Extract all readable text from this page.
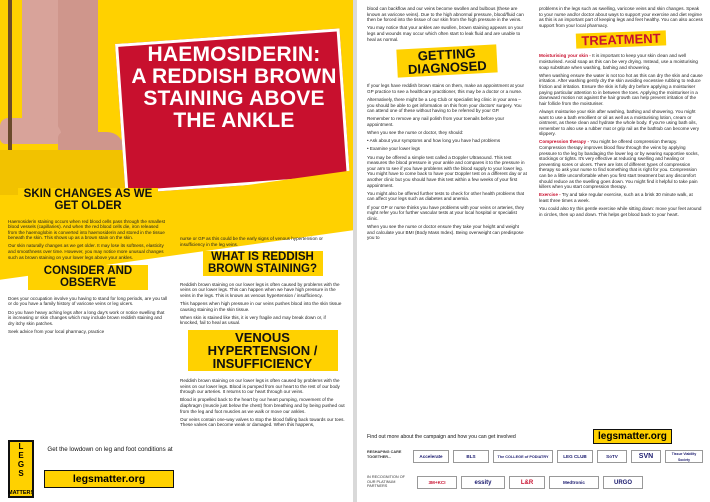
HAEMOSIDERIN:
A REDDISH BROWN
STAINING ABOVE
THE ANKLE
SKIN CHANGES AS WE GET OLDER

Haemosiderin staining occurs when red blood cells pass through the smallest blood vessels (capillaries). And when the red blood cells die, iron released from the haemoglobin is converted into haemosiderin and stored in the tissue beneath the skin. This shows up as a brown stain on the skin.

Our skin naturally changes as we get older. It may lose its softness, elasticity and smoothness over time. However, you may notice more unusual changes such as brown staining on your lower legs above your ankles.

CONSIDER AND OBSERVE

Does your occupation involve you having to stand for long periods, are you tall or do you have a family history of varicose veins or leg ulcers.

Do you have heavy aching legs after a long day's work or notice swelling that is increasing or skin changes which may include brown reddish staining and dry itchy skin patches.

Seek advice from your local pharmacy, practice

nurse or GP as this could be the early signs of venous hypertension or insufficiency in the leg veins.

WHAT IS REDDISH BROWN STAINING?

Reddish brown staining on our lower legs is often caused by problems with the veins on our lower legs. This can happen when we have high pressure in the veins in the legs. This is known as venous hypertension / insufficiency.

This happens when high pressure in our veins pushes blood into the skin tissue causing staining in the skin tissue.

When skin is stained like this, it is very fragile and may break down or, if knocked, fail to heal as usual.

VENOUS HYPERTENSION / INSUFFICIENCY

Reddish brown staining on our lower legs is often caused by problems with the veins on our lower legs. Blood is pumped from our heart to the rest of our body through our arteries. It returns to our heart through our veins.

Blood is propelled back to the heart by our heart pumping, movement of the diaphragm (muscle just below the chest) from breathing and by being pushed out from the leg and foot muscles as we walk or move our ankles.

Our veins contain one-way valves to stop the blood falling back towards our toes. These valves can become weak or damaged. When this happens,

L
E
G
S
MATTER!
Get the lowdown on leg and foot conditions at
legsmatter.org

blood can backflow and our veins become swollen and bulbous (these are known as varicose veins). Due to the high abnormal pressure, blood/fluid can then be forced into the tissue of our skin from the high pressure in the veins.

You may notice that your ankles are swollen, brown staining appears on your legs and wounds may occur which often start to leak fluid and are unable to heal as normal.

GETTING DIAGNOSED

If your legs have reddish brown stains on them, make an appointment at your GP practice to see a healthcare practitioner, this may be a doctor or a nurse.

Alternatively, there might be a Leg Club or specialist leg clinic in your area – you should be able to get information on this from your doctors' surgery. You can attend one of these without having to be referred by your GP.

Remember to remove any nail polish from your toenails before your appointment.

When you see the nurse or doctor, they should:

• Ask about your symptoms and how long you have had problems

• Examine your lower legs

You may be offered a simple test called a Doppler Ultrasound. This test measures the blood pressure in your ankle and compares it to the pressure in your arm to see if you have problems with the blood supply to your lower leg. You might have to come back to have your Doppler test on a different day or at another clinic but you should have this test within a few weeks of your first appointment.

You might also be offered further tests to check for other health problems that can affect your legs such as diabetes and anemia.

If your GP or nurse thinks you have problems with your veins or arteries, they might refer you for further vascular tests at your local hospital or specialist clinic.

When you see the nurse or doctor ensure they take your height and weight and calculate your BMI (Body Mass Index). Being overweight can predispose you to

problems in the legs such as swelling, varicose veins and skin changes. Speak to your nurse and/or doctor about ways to support your exercise and diet regime as this is an important part of keeping legs and feet healthy. You can also access support from your local pharmacy.

TREATMENT

Moisturising your skin - It is important to keep your skin clean and well moisturised. Avoid soap as this can be very drying. Instead, use a moisturising soap substitute when washing, bathing and showering.

When washing ensure the water is not too hot as this can dry the skin and cause irritation. After washing gently dry the skin avoiding excessive rubbing to reduce friction and irritation. Ensure the skin is fully dry before applying a moisturiser paying particular attention to in between the toes. Applying the moisturiser in a downward motion not against the hair growth can help prevent irritation of the hair follicle from the moisturiser.

Always moisturise your skin after washing, bathing and showering. You might want to use a bath emollient or oil as well as a moisturising lotion, cream or ointment, as these clean and hydrate the whole body. If you're using bath oils, remember to also use a rubber mat or grip rail as the bathtub can become very slippery.

Compression therapy - You might be offered compression therapy. Compression therapy improves blood flow through the veins by applying pressure to the leg by bandaging the lower leg or by wearing supportive socks, stockings or tights. It's very effective at reducing swelling and healing or preventing sores or ulcers. There are lots of different types of compression therapy so ask your nurse to find something that is right for you. Compression can be a little uncomfortable when you first start treatment but any discomfort should reduce as the swelling goes down. You might find it helpful to take pain killers when you start compression therapy.

Exercise - Try and take regular exercise, such as a brisk 30 minute walk, at least three times a week.

You could also try this gentle exercise while sitting down: move your feet around in circles, then up and down. This helps get blood back to your heart.

Find out more about the campaign and how you can get involved	legsmatter.org
RESHAPING CARE TOGETHER...	Accelerate	BLS	The COLLEGE of PODIATRY	LEG CLUB	SoTV	SVN	Tissue Viability Society
IN RECOGNITION OF OUR PLATINUM PARTNERS
3M+KCI	essity	L&R	Medtronic	URGO
